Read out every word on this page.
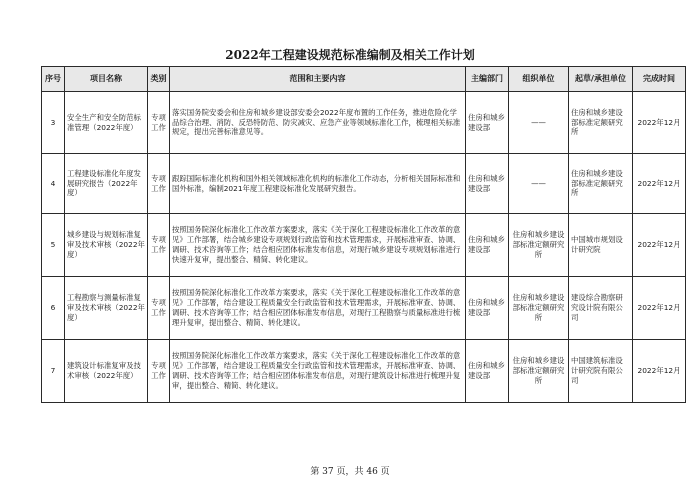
2022年工程建设规范标准编制及相关工作计划
序号	项目名称	类别	范围和主要内容	主编部门	组织单位	起草/承担单位	完成时间
3	安全生产和安全防范标准管理（2022年度）	专项工作	落实国务院安委会和住房和城乡建设部安委会2022年度布置的工作任务，推进危险化学品综合治理、消防、反恐特防范、防灾减灾、应急产业等领域标准化工作，梳理相关标准规定，提出完善标准意见等。	住房和城乡建设部	——	住房和城乡建设部标准定额研究所	2022年12月
4	工程建设标准化年度发展研究报告（2022年度）	专项工作	跟踪国际标准化机构和国外相关领域标准化机构的标准化工作动态，分析相关国际标准和国外标准，编制2021年度工程建设标准化发展研究报告。	住房和城乡建设部	——	住房和城乡建设部标准定额研究所	2022年12月
5	城乡建设与规划标准复审及技术审核（2022年度）	专项工作	按照国务院深化标准化工作改革方案要求，落实《关于深化工程建设标准化工作改革的意见》工作部署，结合城乡建设专项规划行政监管和技术管理需求，开展标准审查、协调、调研、技术咨询等工作；结合相应团体标准发布信息，对现行城乡建设专项规划标准进行快速升复审，提出整合、精简、转化建议。	住房和城乡建设部	住房和城乡建设部标准定额研究所	中国城市规划设计研究院	2022年12月
6	工程勘察与测量标准复审及技术审核（2022年度）	专项工作	按照国务院深化标准化工作改革方案要求，落实《关于深化工程建设标准化工作改革的意见》工作部署，结合建设工程质量安全行政监管和技术管理需求，开展标准审查、协调、调研、技术咨询等工作；结合相应团体标准发布信息，对现行工程勘察与质量标准进行梳理升复审，提出整合、精简、转化建议。	住房和城乡建设部	住房和城乡建设部标准定额研究所	建设综合勘察研究设计院有限公司	2022年12月
7	建筑设计标准复审及技术审核（2022年度）	专项工作	按照国务院深化标准化工作改革方案要求，落实《关于深化工程建设标准化工作改革的意见》工作部署，结合建设工程质量安全行政监管和技术管理需求，开展标准审查、协调、调研、技术咨询等工作；结合相应团体标准发布信息，对现行建筑设计标准进行梳理升复审，提出整合、精简、转化建议。	住房和城乡建设部	住房和城乡建设部标准定额研究所	中国建筑标准设计研究院有限公司	2022年12月
第 37 页，共 46 页
